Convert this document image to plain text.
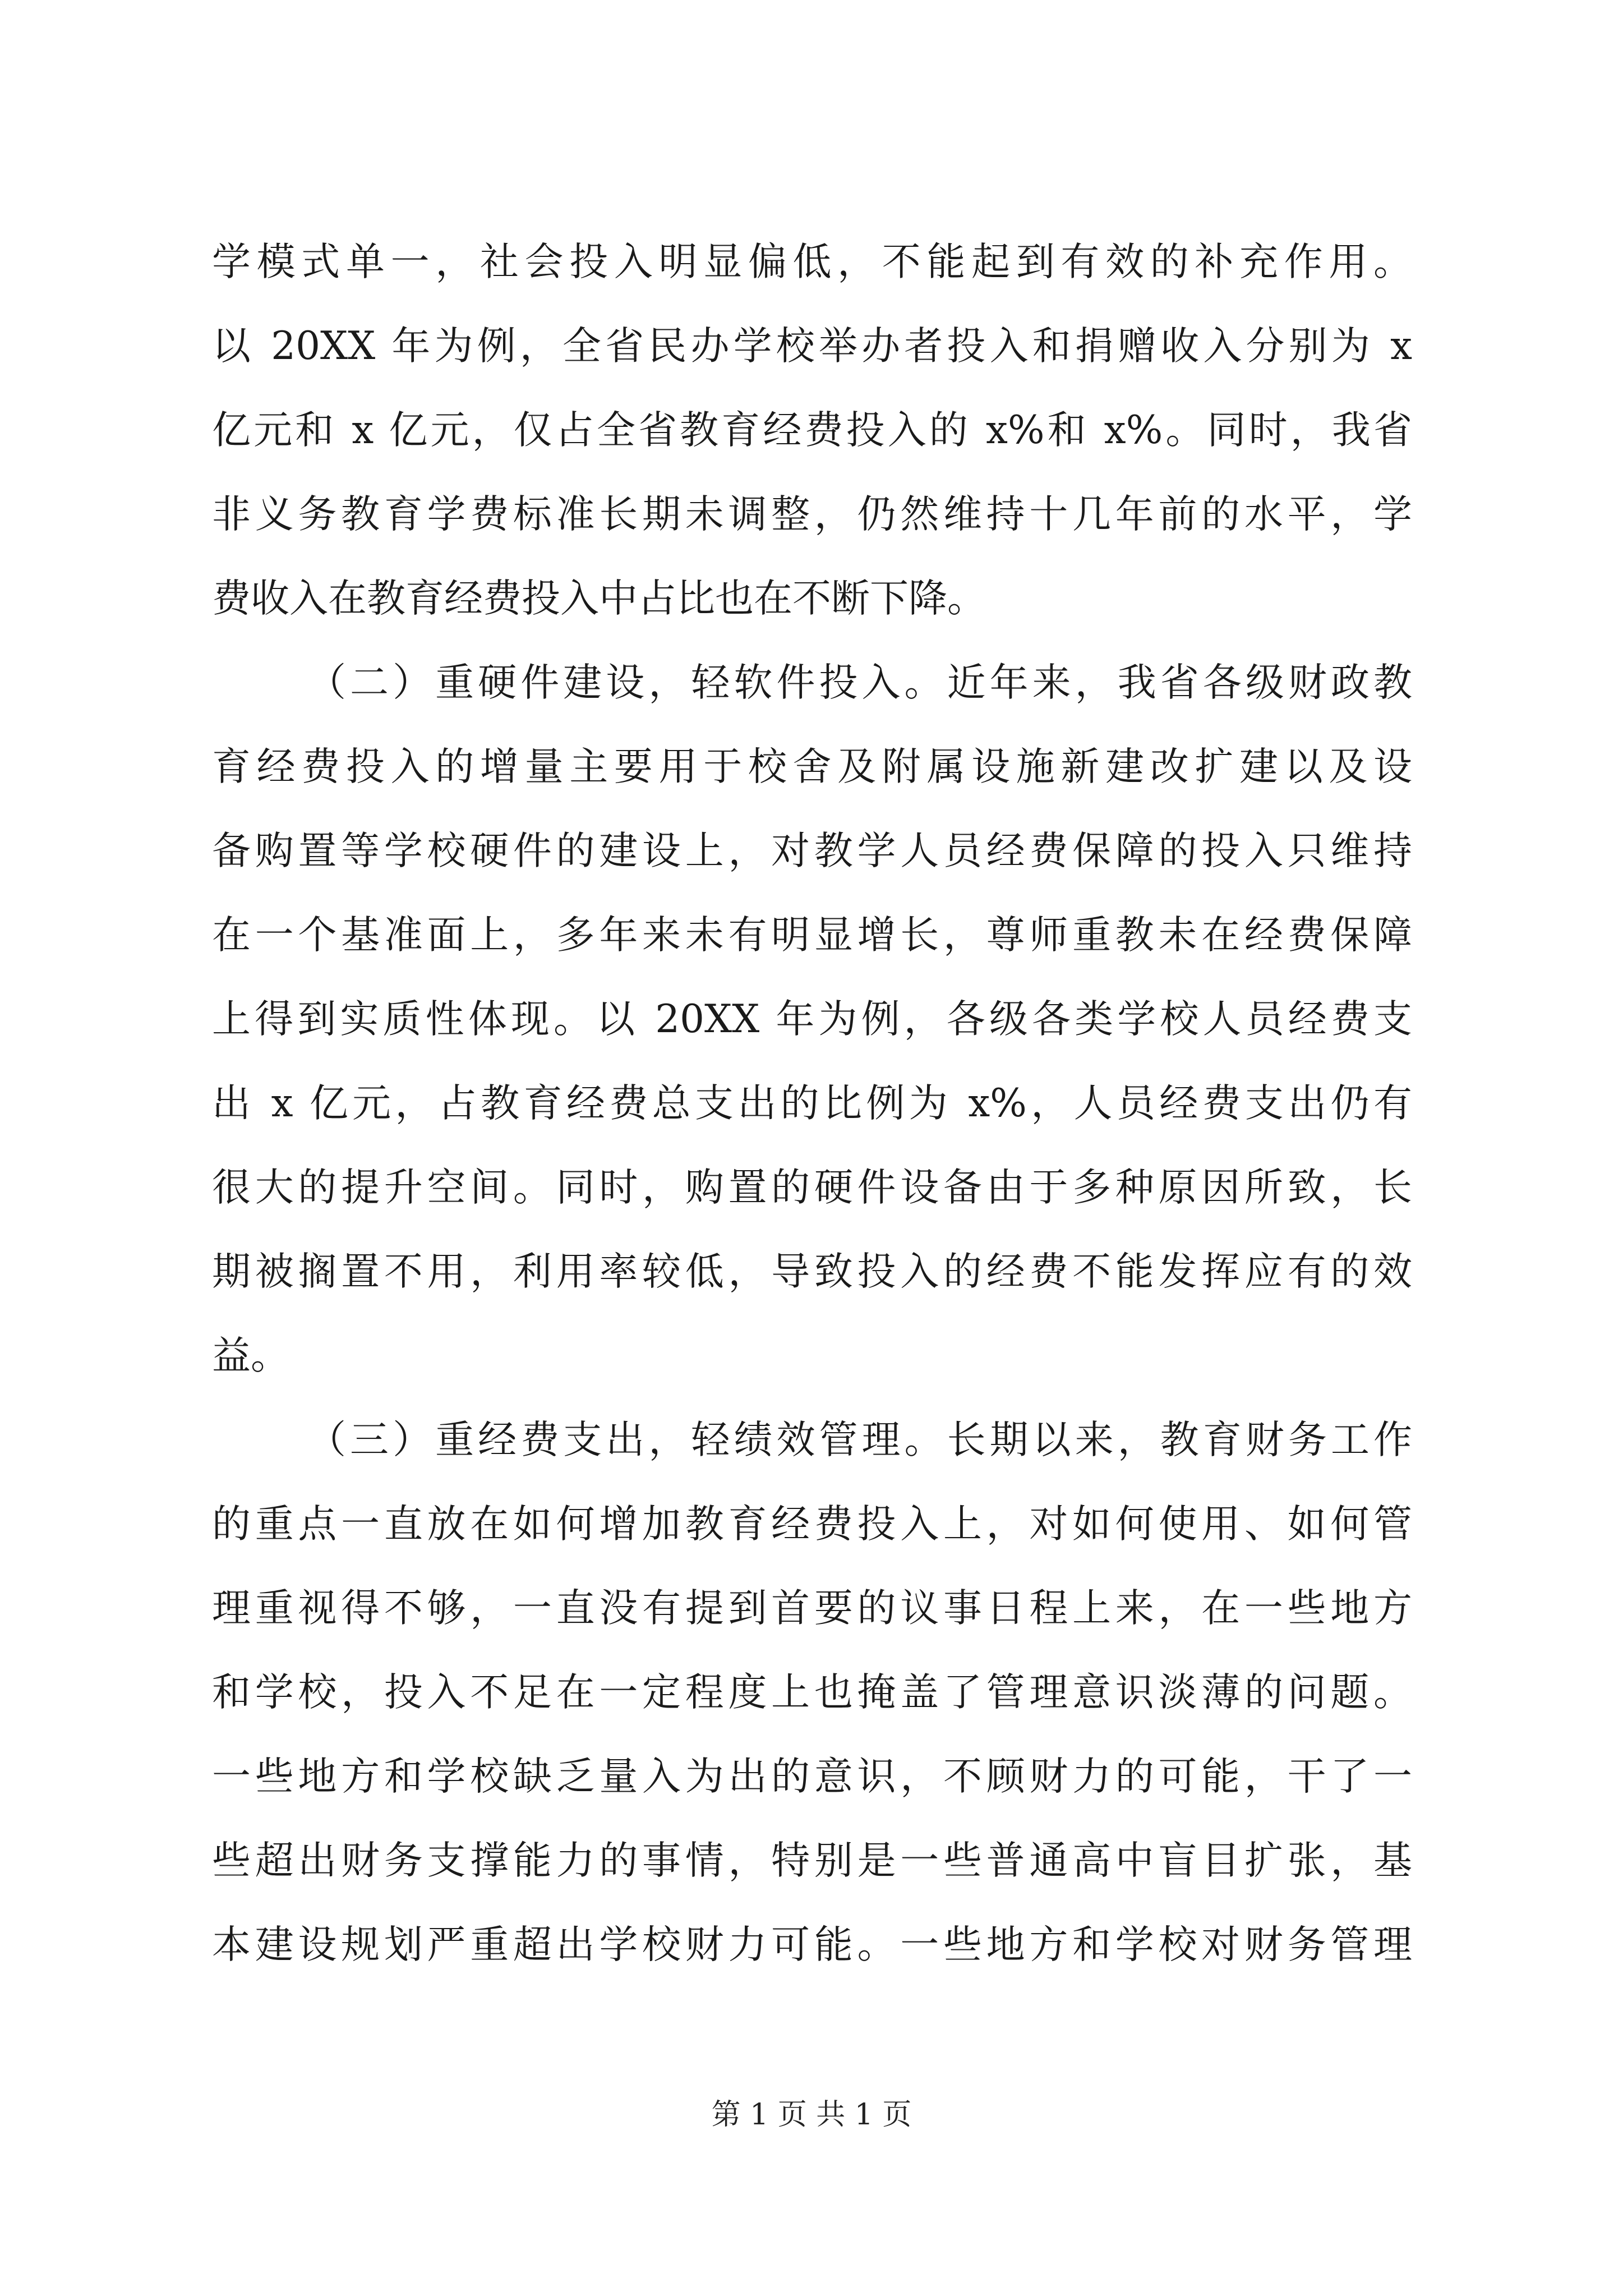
学模式单一，社会投入明显偏低，不能起到有效的补充作用。
以 20XX 年为例，全省民办学校举办者投入和捐赠收入分别为 x
亿元和 x 亿元，仅占全省教育经费投入的 x%和 x%。同时，我省
非义务教育学费标准长期未调整，仍然维持十几年前的水平，学
费收入在教育经费投入中占比也在不断下降。
（二）重硬件建设，轻软件投入。近年来，我省各级财政教
育经费投入的增量主要用于校舍及附属设施新建改扩建以及设
备购置等学校硬件的建设上，对教学人员经费保障的投入只维持
在一个基准面上，多年来未有明显增长，尊师重教未在经费保障
上得到实质性体现。以 20XX 年为例，各级各类学校人员经费支
出 x 亿元，占教育经费总支出的比例为 x%，人员经费支出仍有
很大的提升空间。同时，购置的硬件设备由于多种原因所致，长
期被搁置不用，利用率较低，导致投入的经费不能发挥应有的效
益。
（三）重经费支出，轻绩效管理。长期以来，教育财务工作
的重点一直放在如何增加教育经费投入上，对如何使用、如何管
理重视得不够，一直没有提到首要的议事日程上来，在一些地方
和学校，投入不足在一定程度上也掩盖了管理意识淡薄的问题。
一些地方和学校缺乏量入为出的意识，不顾财力的可能，干了一
些超出财务支撑能力的事情，特别是一些普通高中盲目扩张，基
本建设规划严重超出学校财力可能。一些地方和学校对财务管理
第 1 页 共 1 页
